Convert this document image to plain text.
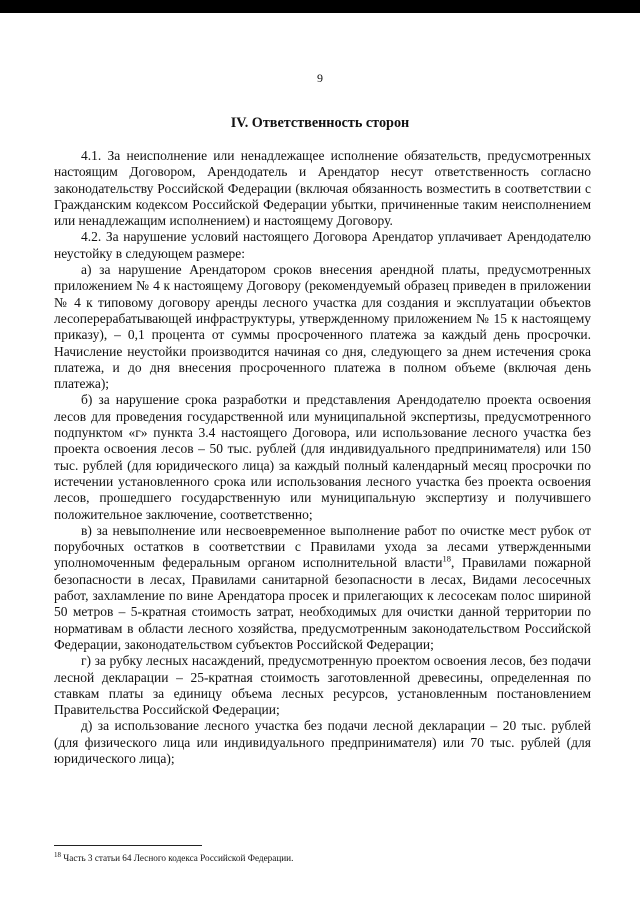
9
IV. Ответственность сторон

4.1. За неисполнение или ненадлежащее исполнение обязательств, предусмотренных настоящим Договором, Арендодатель и Арендатор несут ответственность согласно законодательству Российской Федерации (включая обязанность возместить в соответствии с Гражданским кодексом Российской Федерации убытки, причиненные таким неисполнением или ненадлежащим исполнением) и настоящему Договору.

4.2. За нарушение условий настоящего Договора Арендатор уплачивает Арендодателю неустойку в следующем размере:

а) за нарушение Арендатором сроков внесения арендной платы, предусмотренных приложением № 4 к настоящему Договору (рекомендуемый образец приведен в приложении № 4 к типовому договору аренды лесного участка для создания и эксплуатации объектов лесоперерабатывающей инфраструктуры, утвержденному приложением № 15 к настоящему приказу), – 0,1 процента от суммы просроченного платежа за каждый день просрочки. Начисление неустойки производится начиная со дня, следующего за днем истечения срока платежа, и до дня внесения просроченного платежа в полном объеме (включая день платежа);

б) за нарушение срока разработки и представления Арендодателю проекта освоения лесов для проведения государственной или муниципальной экспертизы, предусмотренного подпунктом «г» пункта 3.4 настоящего Договора, или использование лесного участка без проекта освоения лесов – 50 тыс. рублей (для индивидуального предпринимателя) или 150 тыс. рублей (для юридического лица) за каждый полный календарный месяц просрочки по истечении установленного срока или использования лесного участка без проекта освоения лесов, прошедшего государственную или муниципальную экспертизу и получившего положительное заключение, соответственно;

в) за невыполнение или несвоевременное выполнение работ по очистке мест рубок от порубочных остатков в соответствии с Правилами ухода за лесами утвержденными уполномоченным федеральным органом исполнительной власти$^{18}$, Правилами пожарной безопасности в лесах, Правилами санитарной безопасности в лесах, Видами лесосечных работ, захламление по вине Арендатора просек и прилегающих к лесосекам полос шириной 50 метров – 5-кратная стоимость затрат, необходимых для очистки данной территории по нормативам в области лесного хозяйства, предусмотренным законодательством Российской Федерации, законодательством субъектов Российской Федерации;

г) за рубку лесных насаждений, предусмотренную проектом освоения лесов, без подачи лесной декларации – 25-кратная стоимость заготовленной древесины, определенная по ставкам платы за единицу объема лесных ресурсов, установленным постановлением Правительства Российской Федерации;

д) за использование лесного участка без подачи лесной декларации – 20 тыс. рублей (для физического лица или индивидуального предпринимателя) или 70 тыс. рублей (для юридического лица);

$^{18}$ Часть 3 статьи 64 Лесного кодекса Российской Федерации.
